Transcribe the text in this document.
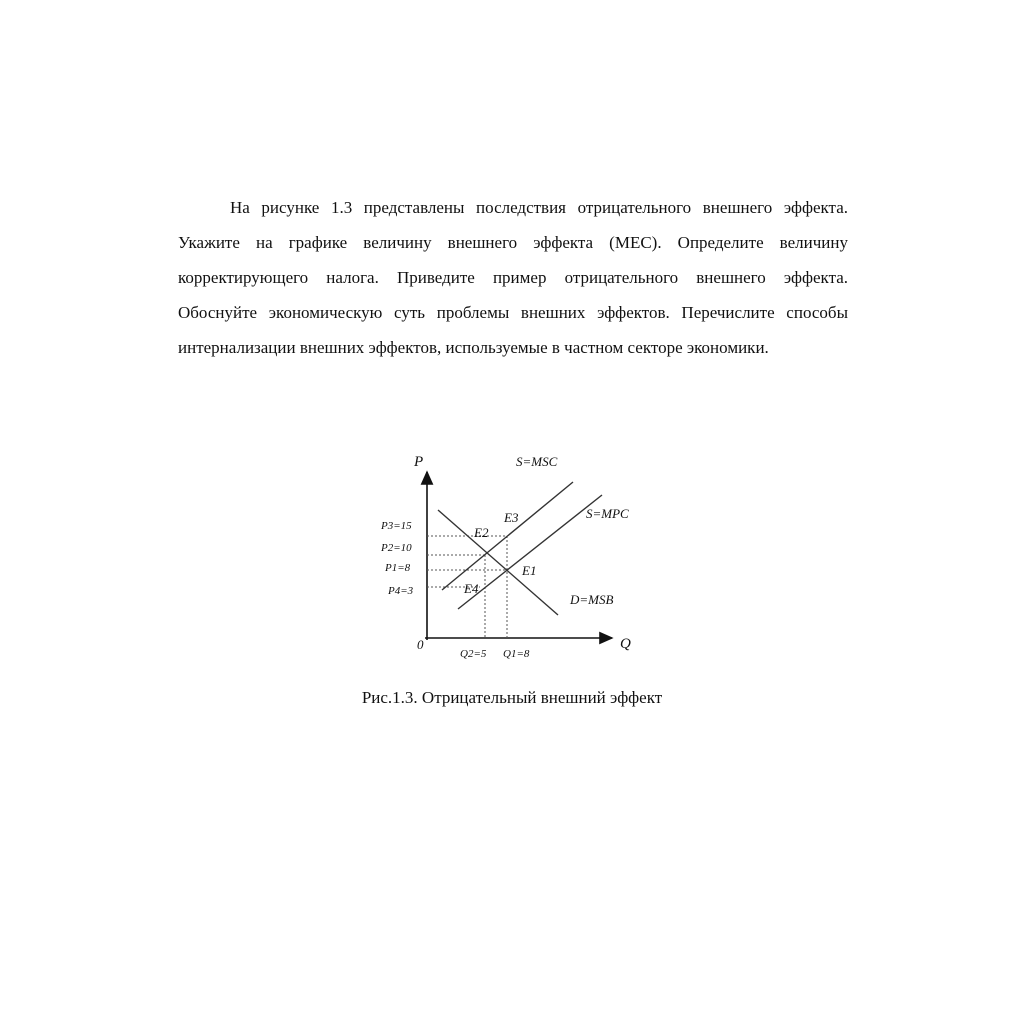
На рисунке 1.3 представлены последствия отрицательного внешнего эффекта. Укажите на графике величину внешнего эффекта (MEC). Определите величину корректирующего налога. Приведите пример отрицательного внешнего эффекта. Обоснуйте экономическую суть проблемы внешних эффектов. Перечислите способы интернализации внешних эффектов, используемые в частном секторе экономики.

P
Q
0
S=MSC
S=MPC
D=MSB
E3
E2
E1
E4
P3=15
P2=10
P1=8
P4=3
Q2=5 Q1=8
Рис.1.3. Отрицательный внешний эффект
